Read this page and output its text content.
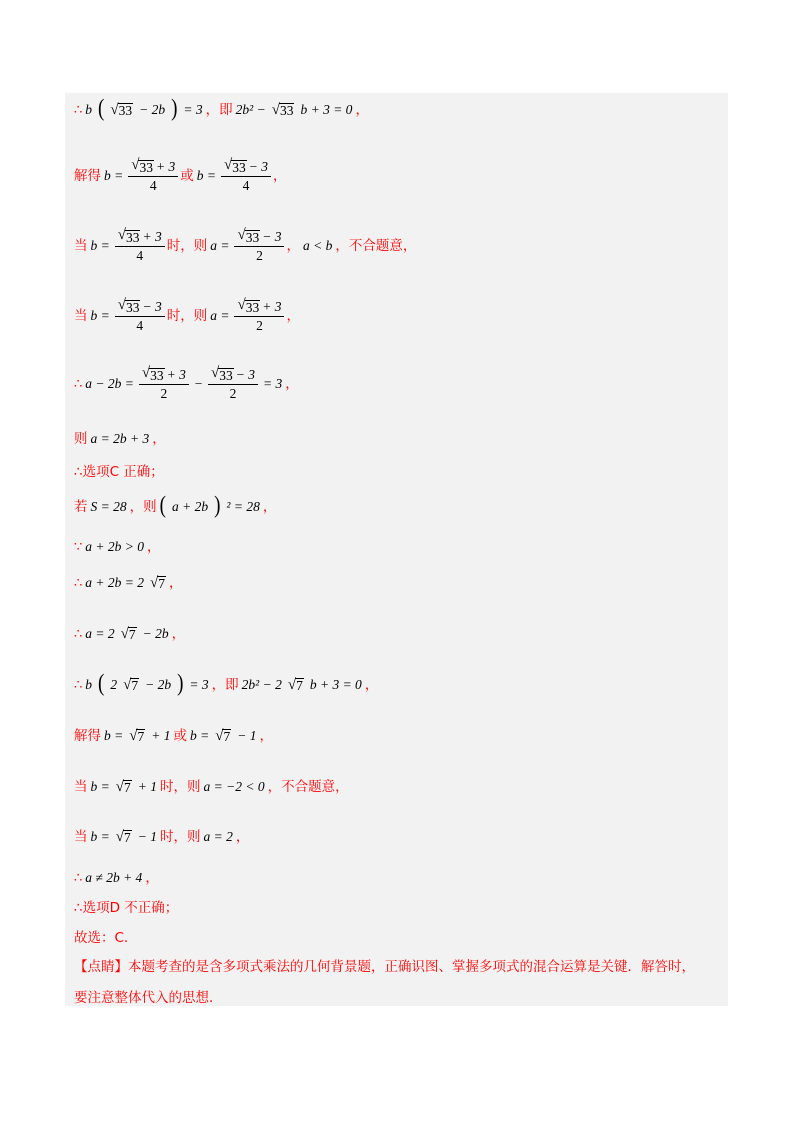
∴ b ( √ 33 − 2b ) = 3 ，即 2b² − √ 33 b + 3 = 0 ，
解得 $b = \frac{√ 33 + 3}{4}$ 或 $b = \frac{√ 33 - 3}{4}$ ，
当 $b = \frac{√ 33 + 3}{4}$ 时，则 $a = \frac{√ 33 - 3}{2}$ ， a < b ，不合题意，
当 $b = \frac{√ 33 - 3}{4}$ 时，则 $a = \frac{√ 33 + 3}{2}$ ，
∴ $a - 2b = \frac{√ 33 + 3}{2} - \frac{√ 33 - 3}{2} = 3$ ，
则 a = 2b + 3 ，
∴选项C 正确；
若 S = 28 ，则 ( a + 2b ) ² = 28 ，
∵ a + 2b > 0 ，
∴ a + 2b = 2 √ 7 ，
∴ a = 2 √ 7 − 2b ，
∴ b ( 2 √ 7 − 2b ) = 3 ，即 2b² − 2 √ 7 b + 3 = 0 ，
解得 b = √ 7 + 1 或 b = √ 7 − 1 ，
当 b = √ 7 + 1 时，则 a = −2 < 0 ，不合题意，
当 b = √ 7 − 1 时，则 a = 2 ，
∴ a ≠ 2b + 4 ，
∴选项D 不正确；
故选：C.
【点睛】本题考查的是含多项式乘法的几何背景题，正确识图、掌握多项式的混合运算是关键．解答时，
要注意整体代入的思想．
